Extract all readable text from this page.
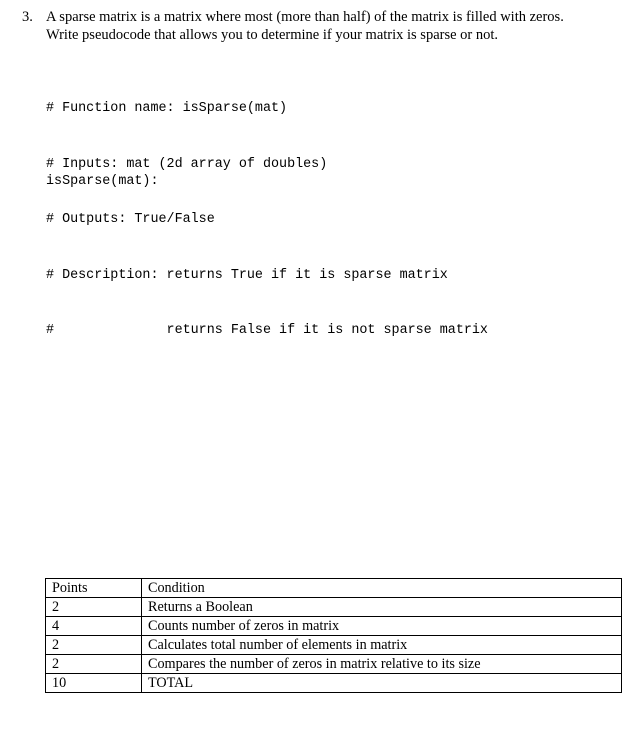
3. A sparse matrix is a matrix where most (more than half) of the matrix is filled with zeros.
Write pseudocode that allows you to determine if your matrix is sparse or not.

# Function name: isSparse(mat)

# Inputs: mat (2d array of doubles)

# Outputs: True/False

# Description: returns True if it is sparse matrix

#              returns False if it is not sparse matrix

isSparse(mat):
Points	Condition
2	Returns a Boolean
4	Counts number of zeros in matrix
2	Calculates total number of elements in matrix
2	Compares the number of zeros in matrix relative to its size
10	TOTAL
